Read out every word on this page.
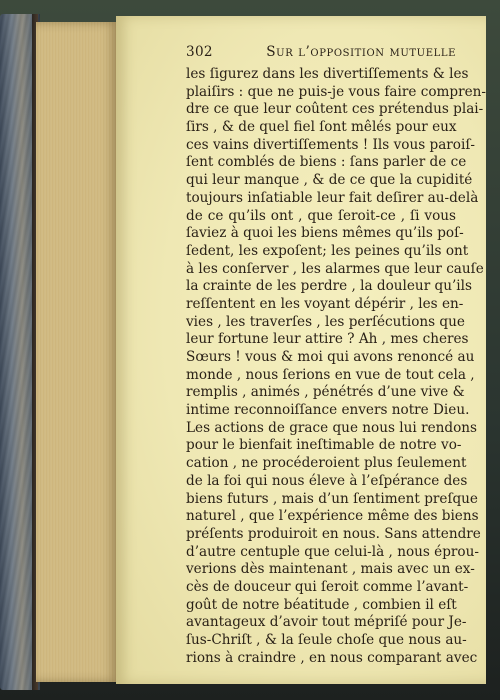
302	Sur l’opposition mutuelle
les ſigurez dans les divertiſſements & les
plaiſirs : que ne puis-je vous faire compren-
dre ce que leur coûtent ces prétendus plai-
ſirs , & de quel fiel ſont mêlés pour eux
ces vains divertiſſements ! Ils vous paroiſ-
ſent comblés de biens : ſans parler de ce
qui leur manque , & de ce que la cupidité
toujours inſatiable leur fait deſirer au-delà
de ce qu’ils ont , que ſeroit-ce , ſi vous
ſaviez à quoi les biens mêmes qu’ils poſ-
ſedent, les expoſent; les peines qu’ils ont
à les conſerver , les alarmes que leur cauſe
la crainte de les perdre , la douleur qu’ils
reſſentent en les voyant dépérir , les en-
vies , les traverſes , les perſécutions que
leur fortune leur attire ? Ah , mes cheres
Sœurs ! vous & moi qui avons renoncé au
monde , nous ſerions en vue de tout cela ,
remplis , animés , pénétrés d’une vive &
intime reconnoiſſance envers notre Dieu.
Les actions de grace que nous lui rendons
pour le bienfait ineſtimable de notre vo-
cation , ne procéderoient plus ſeulement
de la foi qui nous éleve à l’eſpérance des
biens futurs , mais d’un ſentiment preſque
naturel , que l’expérience même des biens
préſents produiroit en nous. Sans attendre
d’autre centuple que celui-là , nous éprou-
verions dès maintenant , mais avec un ex-
cès de douceur qui ſeroit comme l’avant-
goût de notre béatitude , combien il eſt
avantageux d’avoir tout mépriſé pour Je-
ſus-Chriſt , & la ſeule choſe que nous au-
rions à craindre , en nous comparant avec
